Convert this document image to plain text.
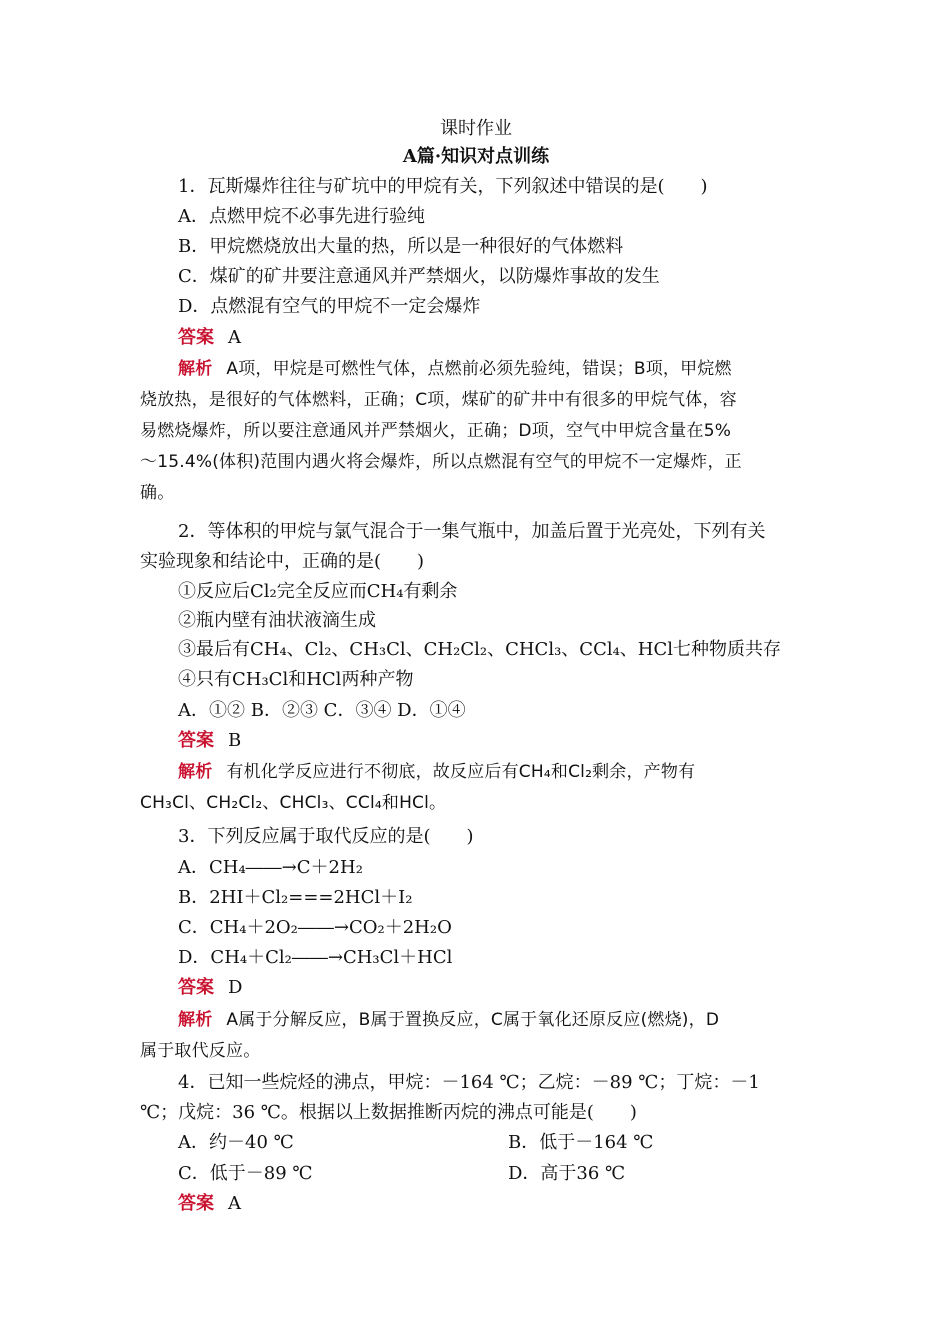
课时作业
A篇·知识对点训练
1．瓦斯爆炸往往与矿坑中的甲烷有关，下列叙述中错误的是(　　)
A．点燃甲烷不必事先进行验纯
B．甲烷燃烧放出大量的热，所以是一种很好的气体燃料
C．煤矿的矿井要注意通风并严禁烟火，以防爆炸事故的发生
D．点燃混有空气的甲烷不一定会爆炸
答案 A
解析 A项，甲烷是可燃性气体，点燃前必须先验纯，错误；B项，甲烷燃
烧放热，是很好的气体燃料，正确；C项，煤矿的矿井中有很多的甲烷气体，容
易燃烧爆炸，所以要注意通风并严禁烟火，正确；D项，空气中甲烷含量在5%
～15.4%(体积)范围内遇火将会爆炸，所以点燃混有空气的甲烷不一定爆炸，正
确。
2．等体积的甲烷与氯气混合于一集气瓶中，加盖后置于光亮处，下列有关
实验现象和结论中，正确的是(　　)
①反应后Cl₂完全反应而CH₄有剩余
②瓶内壁有油状液滴生成
③最后有CH₄、Cl₂、CH₃Cl、CH₂Cl₂、CHCl₃、CCl₄、HCl七种物质共存
④只有CH₃Cl和HCl两种产物
A．①② B．②③ C．③④ D．①④
答案 B
解析 有机化学反应进行不彻底，故反应后有CH₄和Cl₂剩余，产物有
CH₃Cl、CH₂Cl₂、CHCl₃、CCl₄和HCl。
3．下列反应属于取代反应的是(　　)
A．CH₄――→C＋2H₂
B．2HI＋Cl₂===2HCl＋I₂
C．CH₄＋2O₂――→CO₂＋2H₂O
D．CH₄＋Cl₂――→CH₃Cl＋HCl
答案 D
解析 A属于分解反应，B属于置换反应，C属于氧化还原反应(燃烧)，D
属于取代反应。
4．已知一些烷烃的沸点，甲烷：－164 ℃；乙烷：－89 ℃；丁烷：－1
℃；戊烷：36 ℃。根据以上数据推断丙烷的沸点可能是(　　)
A．约－40 ℃	B．低于－164 ℃
C．低于－89 ℃	D．高于36 ℃
答案 A
